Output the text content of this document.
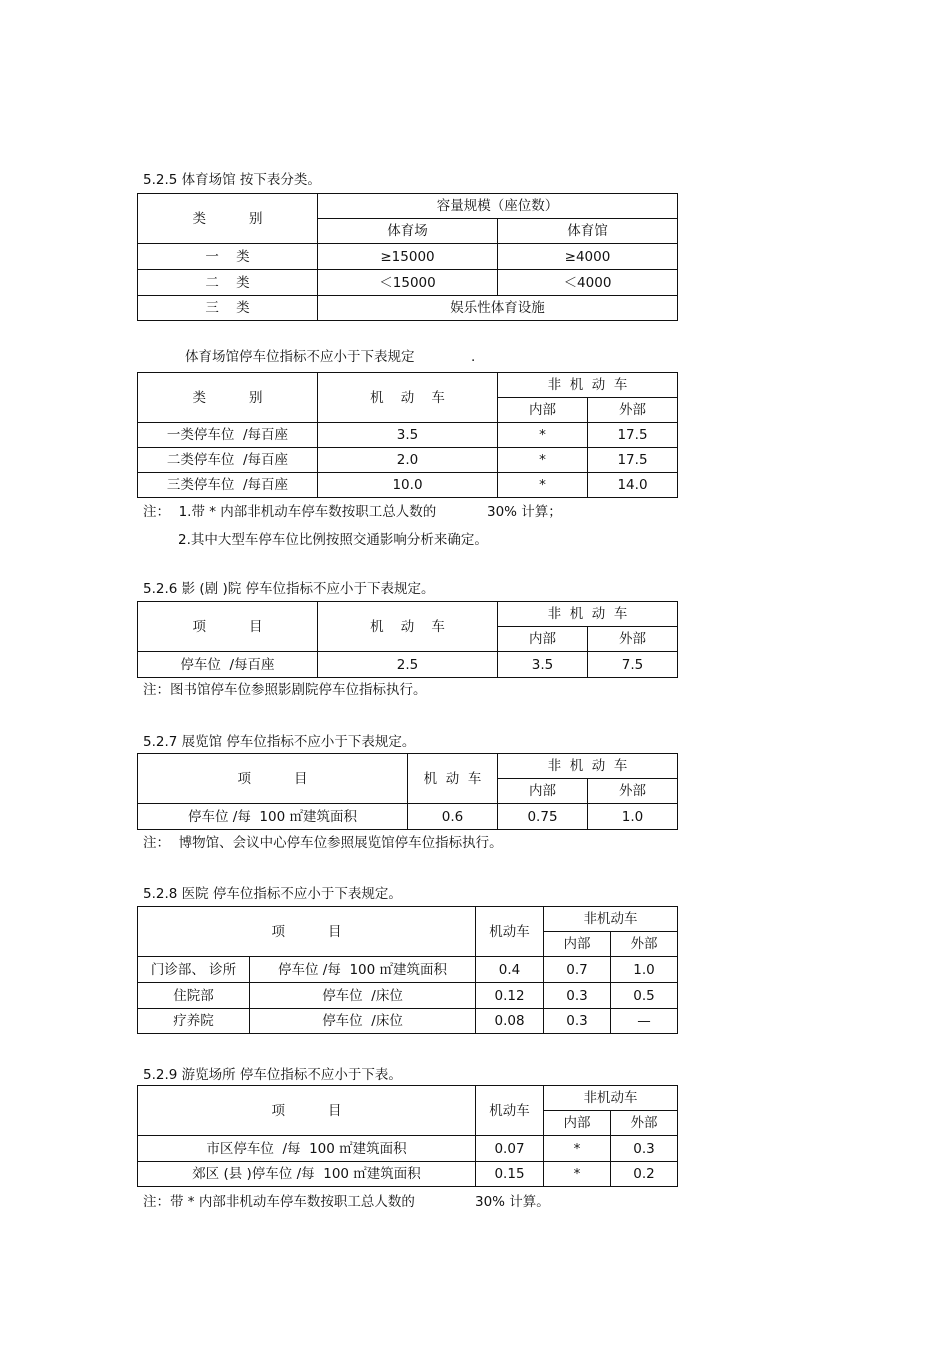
5.2.5 体育场馆 按下表分类。
类          别	容量规模（座位数）	
	体育场	体育馆
一    类	≥15000	≥4000
二    类	＜15000	＜4000
三    类	娱乐性体育设施	
体育场馆停车位指标不应小于下表规定	.
类          别	机    动    车	非  机  动  车	
		内部	外部
一类停车位  /每百座	3.5	*	17.5
二类停车位  /每百座	2.0	*	17.5
三类停车位  /每百座	10.0	*	14.0
注：  1.带 * 内部非机动车停车数按职工总人数的	30% 计算；
2.其中大型车停车位比例按照交通影响分析来确定。
5.2.6 影 (剧 )院 停车位指标不应小于下表规定。
项          目	机    动    车	非  机  动  车	
		内部	外部
停车位  /每百座	2.5	3.5	7.5
注：图书馆停车位参照影剧院停车位指标执行。
5.2.7 展览馆 停车位指标不应小于下表规定。
项          目	机  动  车	非  机  动  车	
		内部	外部
停车位 /每  100 ㎡建筑面积	0.6	0.75	1.0
注：  博物馆、会议中心停车位参照展览馆停车位指标执行。
5.2.8 医院 停车位指标不应小于下表规定。
项          目		机动车	非机动车	
			内部	外部
门诊部、 诊所	停车位 /每  100 ㎡建筑面积	0.4	0.7	1.0
住院部	停车位  /床位	0.12	0.3	0.5
疗养院	停车位  /床位	0.08	0.3	—
5.2.9 游览场所 停车位指标不应小于下表。
项          目	机动车	非机动车	
		内部	外部
市区停车位  /每  100 ㎡建筑面积	0.07	*	0.3
郊区 (县 )停车位 /每  100 ㎡建筑面积	0.15	*	0.2
注：带 * 内部非机动车停车数按职工总人数的	30% 计算。
